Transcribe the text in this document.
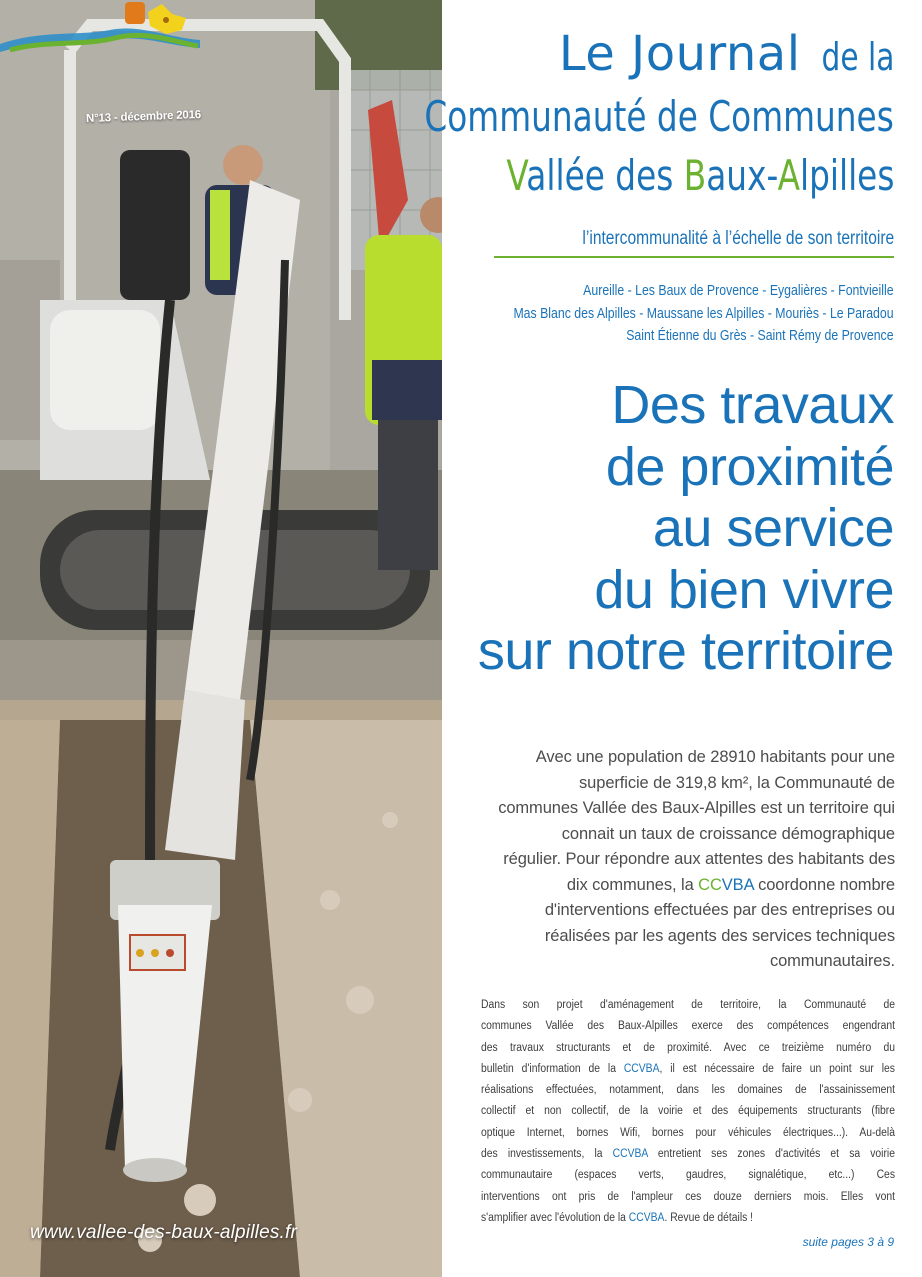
N°13 - décembre 2016
www.vallee-des-baux-alpilles.fr
Le Journalde la
Communauté de Communes
Vallée des Baux-Alpilles
l’intercommunalité à l’échelle de son territoire
Aureille - Les Baux de Provence - Eygalières - Fontvieille
Mas Blanc des Alpilles - Maussane les Alpilles - Mouriès - Le Paradou
Saint Étienne du Grès - Saint Rémy de Provence
Des travaux
de proximité
au service
du bien vivre
sur notre territoire

Avec une population de 28910 habitants pour une

superficie de 319,8 km², la Communauté de

communes Vallée des Baux-Alpilles est un territoire qui

connait un taux de croissance démographique

régulier. Pour répondre aux attentes des habitants des

dix communes, la CCVBA coordonne nombre

d'interventions effectuées par des entreprises ou

réalisées par les agents des services techniques

communautaires.

Dans son projet d'aménagement de territoire, la Communauté de

communes Vallée des Baux-Alpilles exerce des compétences engendrant

des travaux structurants et de proximité. Avec ce treizième numéro du

bulletin d'information de la CCVBA, il est nécessaire de faire un point sur les

réalisations effectuées, notamment, dans les domaines de l'assainissement

collectif et non collectif, de la voirie et des équipements structurants (fibre

optique Internet, bornes Wifi, bornes pour véhicules électriques...). Au-delà

des investissements, la CCVBA entretient ses zones d'activités et sa voirie

communautaire (espaces verts, gaudres, signalétique, etc...) Ces

interventions ont pris de l'ampleur ces douze derniers mois. Elles vont

s'amplifier avec l'évolution de la CCVBA. Revue de détails !

suite pages 3 à 9
